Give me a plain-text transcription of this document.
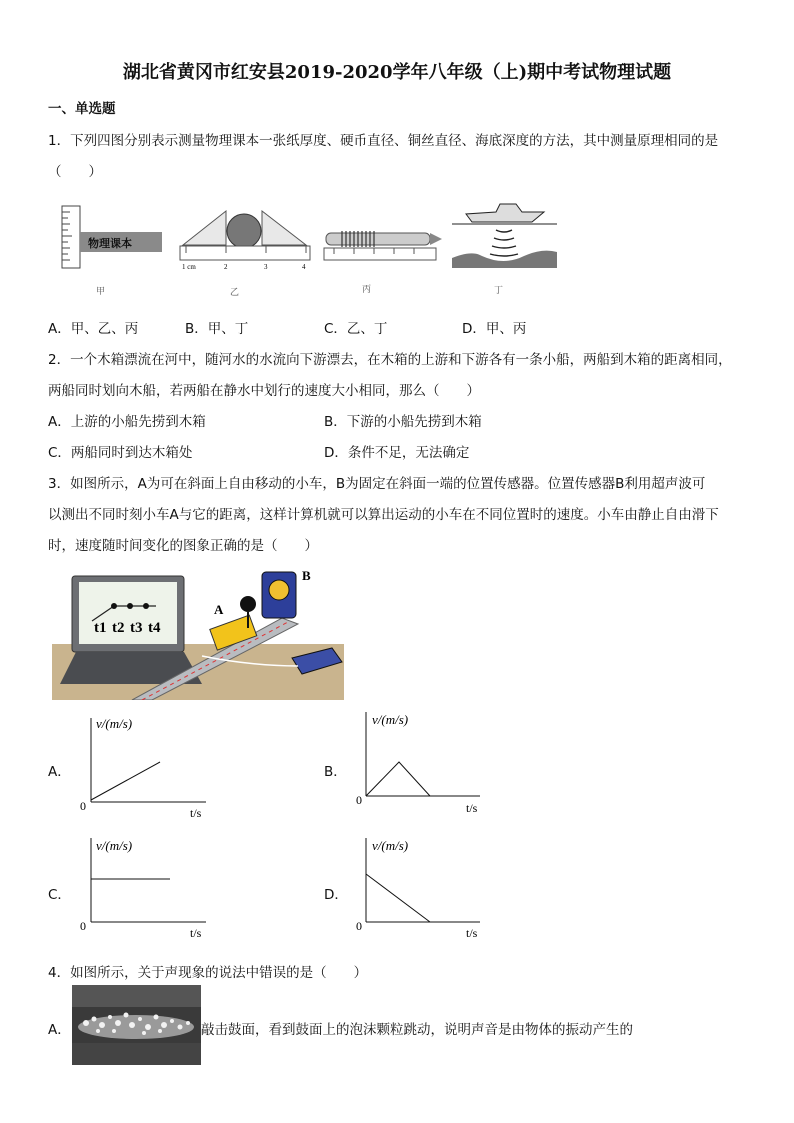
湖北省黄冈市红安县2019-2020学年八年级（上)期中考试物理试题
一、单选题
1．下列四图分别表示测量物理课本一张纸厚度、硬币直径、铜丝直径、海底深度的方法，其中测量原理相同的是
（　　）
物理课本
甲
1 cm	2	3	4
乙	丙	丁
A．甲、乙、丙	B．甲、丁	C．乙、丁	D．甲、丙
2．一个木箱漂流在河中，随河水的水流向下游漂去，在木箱的上游和下游各有一条小船，两船到木箱的距离相同，
两船同时划向木船，若两船在静水中划行的速度大小相同，那么（　　）
A．上游的小船先捞到木箱	B．下游的小船先捞到木箱
C．两船同时到达木箱处	D．条件不足，无法确定
3．如图所示，A为可在斜面上自由移动的小车，B为固定在斜面一端的位置传感器。位置传感器B利用超声波可
以测出不同时刻小车A与它的距离，这样计算机就可以算出运动的小车在不同位置时的速度。小车由静止自由滑下
时，速度随时间变化的图象正确的是（　　）
t1 t2 t3 t4
A
B
A．
v/(m/s)
0	t/s
B．
v/(m/s)
0
t/s
C．
v/(m/s)
0	t/s
D．
v/(m/s)
0	t/s
4．如图所示，关于声现象的说法中错误的是（　　）
A．	敲击鼓面，看到鼓面上的泡沫颗粒跳动，说明声音是由物体的振动产生的
